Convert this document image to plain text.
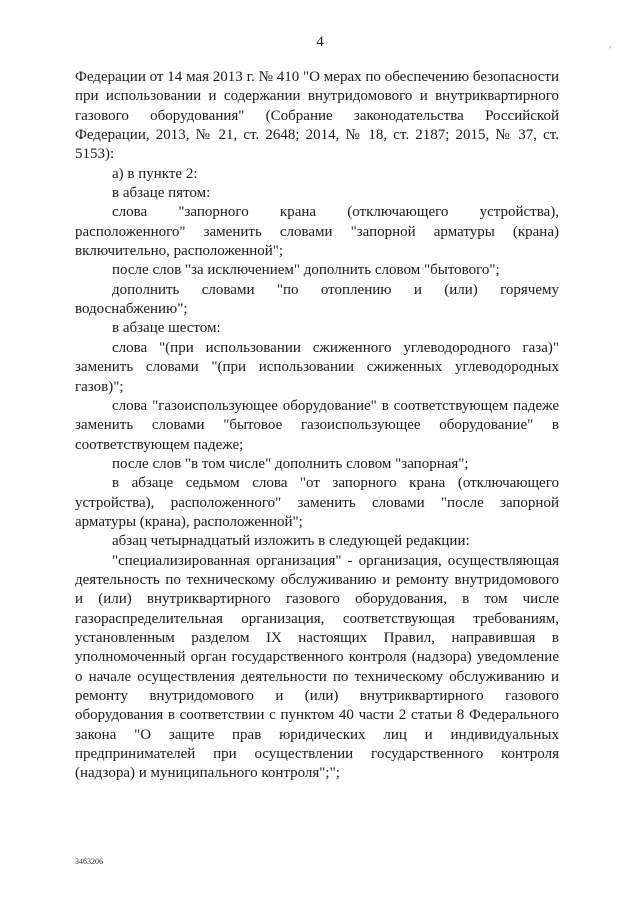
4	,

Федерации от 14 мая 2013 г. № 410 "О мерах по обеспечению безопасности при использовании и содержании внутридомового и внутриквартирного газового оборудования" (Собрание законодательства Российской Федерации, 2013, № 21, ст. 2648; 2014, № 18, ст. 2187; 2015, № 37, ст. 5153):

а) в пункте 2:

в абзаце пятом:

слова "запорного крана (отключающего устройства), расположенного" заменить словами "запорной арматуры (крана) включительно, расположенной";

после слов "за исключением" дополнить словом "бытового";

дополнить словами "по отоплению и (или) горячему водоснабжению";

в абзаце шестом:

слова "(при использовании сжиженного углеводородного газа)" заменить словами "(при использовании сжиженных углеводородных газов)";

слова "газоиспользующее оборудование" в соответствующем падеже заменить словами "бытовое газоиспользующее оборудование" в соответствующем падеже;

после слов "в том числе" дополнить словом "запорная";

в абзаце седьмом слова "от запорного крана (отключающего устройства), расположенного" заменить словами "после запорной арматуры (крана), расположенной";

абзац четырнадцатый изложить в следующей редакции:

"специализированная организация" - организация, осуществляющая деятельность по техническому обслуживанию и ремонту внутридомового и (или) внутриквартирного газового оборудования, в том числе газораспределительная организация, соответствующая требованиям, установленным разделом IX настоящих Правил, направившая в уполномоченный орган государственного контроля (надзора) уведомление о начале осуществления деятельности по техническому обслуживанию и ремонту внутридомового и (или) внутриквартирного газового оборудования в соответствии с пунктом 40 части 2 статьи 8 Федерального закона "О защите прав юридических лиц и индивидуальных предпринимателей при осуществлении государственного контроля (надзора) и муниципального контроля";";

3463206
